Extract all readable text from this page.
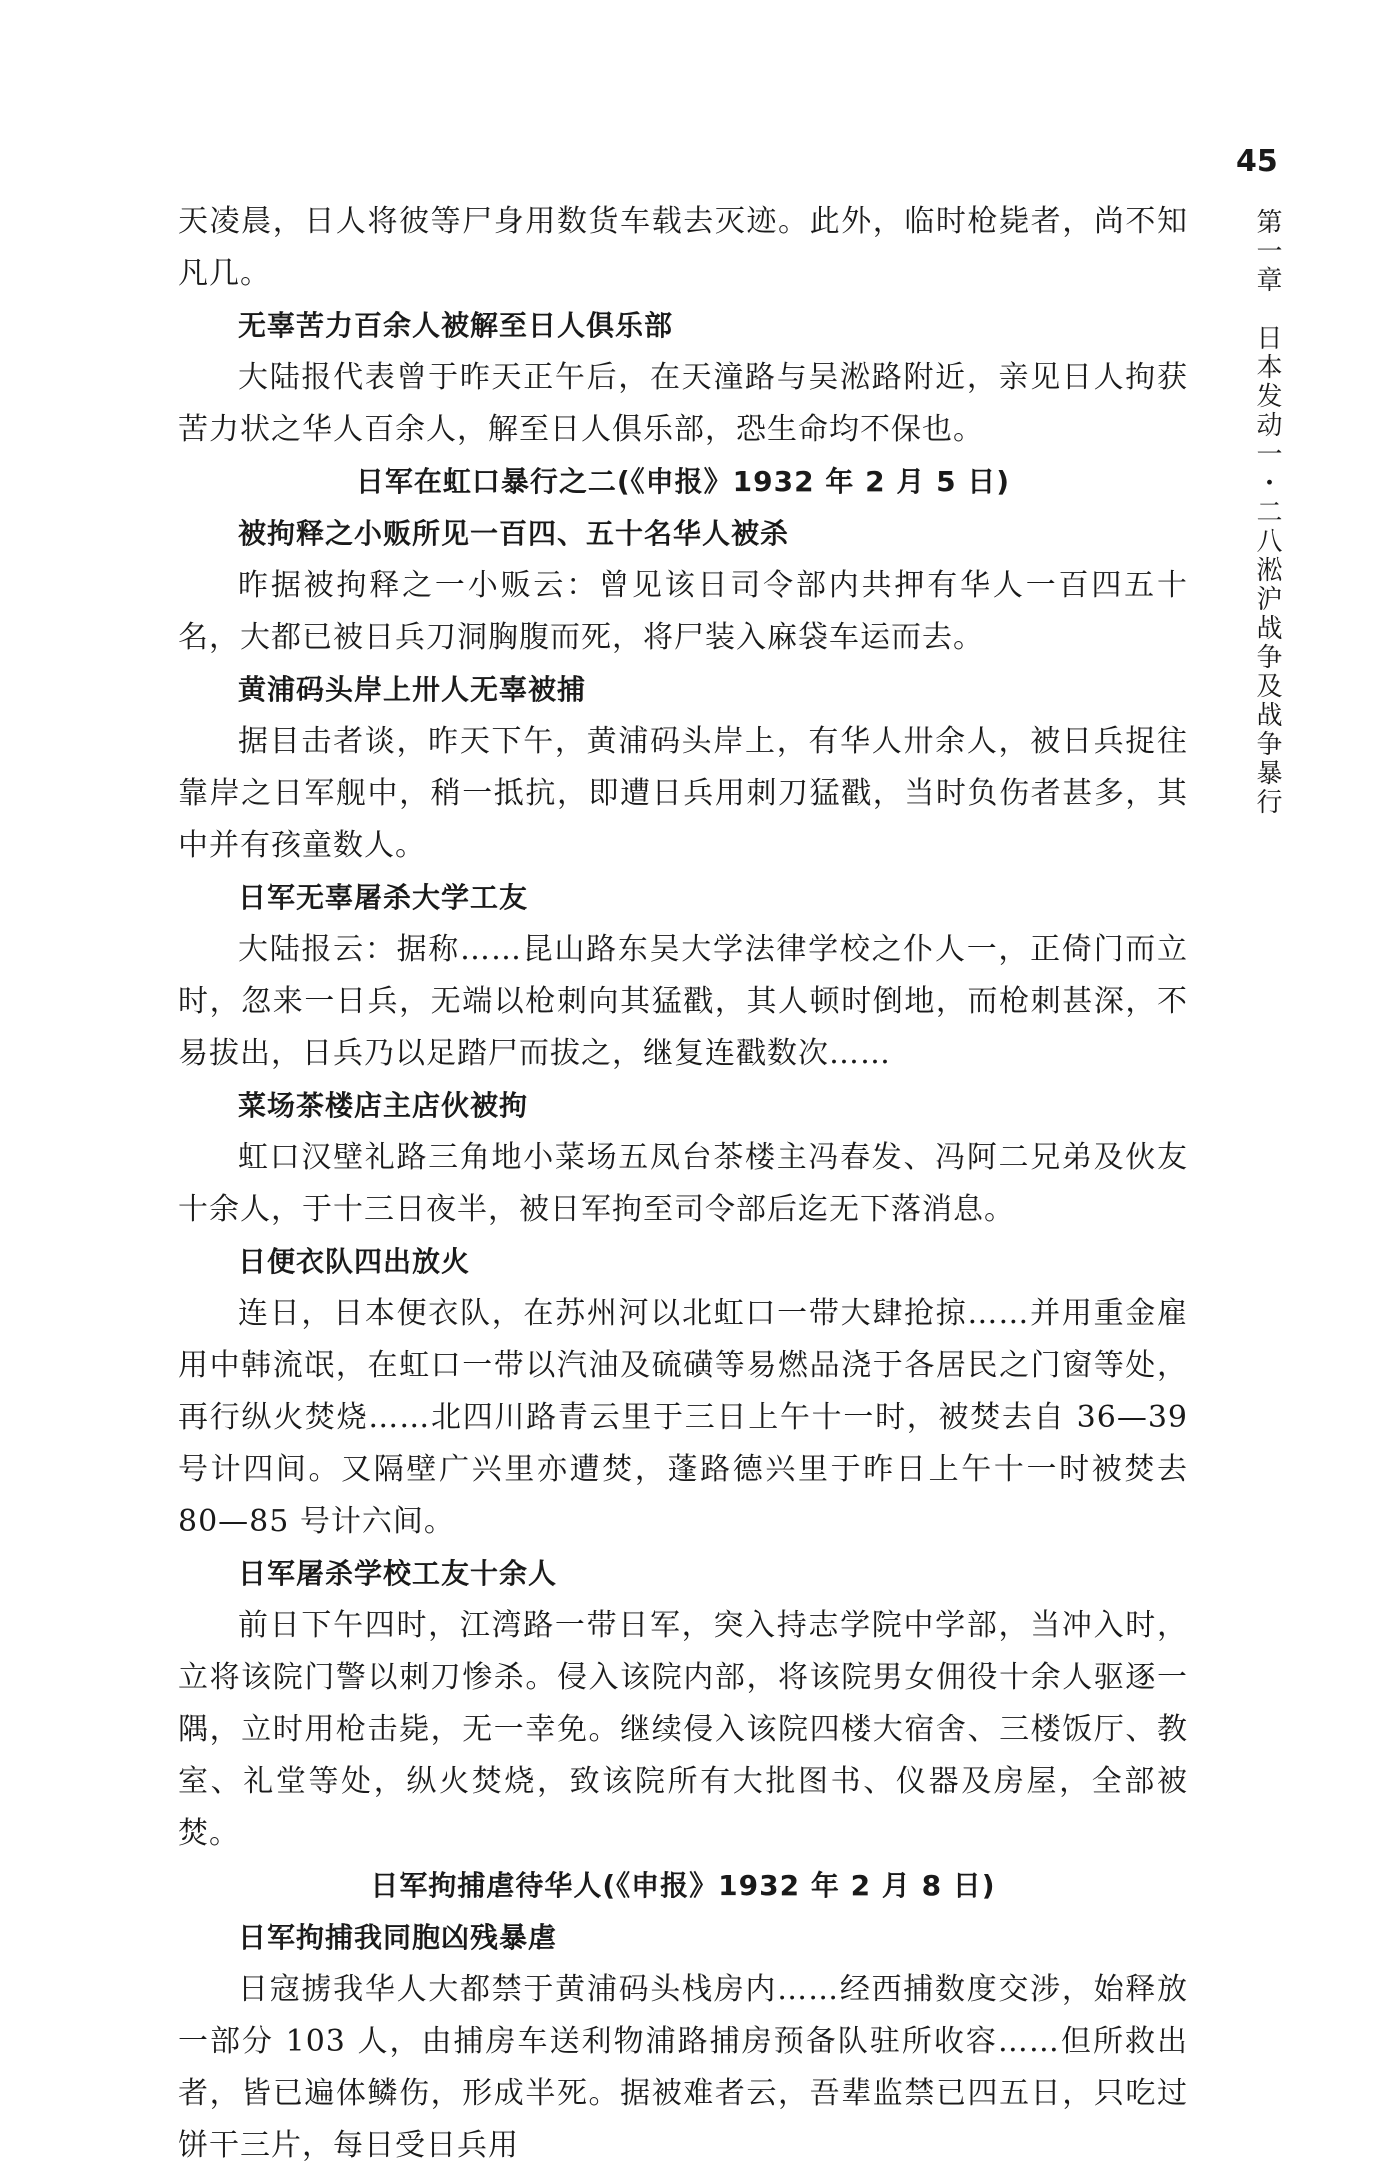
45
第一章　日本发动一・二八淞沪战争及战争暴行

天凌晨，日人将彼等尸身用数货车载去灭迹。此外，临时枪毙者，尚不知凡几。

无辜苦力百余人被解至日人俱乐部

大陆报代表曾于昨天正午后，在天潼路与吴淞路附近，亲见日人拘获苦力状之华人百余人，解至日人俱乐部，恐生命均不保也。

日军在虹口暴行之二(《申报》1932 年 2 月 5 日)

被拘释之小贩所见一百四、五十名华人被杀

昨据被拘释之一小贩云：曾见该日司令部内共押有华人一百四五十名，大都已被日兵刀洞胸腹而死，将尸装入麻袋车运而去。

黄浦码头岸上卅人无辜被捕

据目击者谈，昨天下午，黄浦码头岸上，有华人卅余人，被日兵捉往靠岸之日军舰中，稍一抵抗，即遭日兵用刺刀猛戳，当时负伤者甚多，其中并有孩童数人。

日军无辜屠杀大学工友

大陆报云：据称……昆山路东吴大学法律学校之仆人一，正倚门而立时，忽来一日兵，无端以枪刺向其猛戳，其人顿时倒地，而枪刺甚深，不易拔出，日兵乃以足踏尸而拔之，继复连戳数次……

菜场茶楼店主店伙被拘

虹口汉壁礼路三角地小菜场五凤台茶楼主冯春发、冯阿二兄弟及伙友十余人，于十三日夜半，被日军拘至司令部后迄无下落消息。

日便衣队四出放火

连日，日本便衣队，在苏州河以北虹口一带大肆抢掠……并用重金雇用中韩流氓，在虹口一带以汽油及硫磺等易燃品浇于各居民之门窗等处，再行纵火焚烧……北四川路青云里于三日上午十一时，被焚去自 36—39 号计四间。又隔壁广兴里亦遭焚，蓬路德兴里于昨日上午十一时被焚去 80—85 号计六间。

日军屠杀学校工友十余人

前日下午四时，江湾路一带日军，突入持志学院中学部，当冲入时，立将该院门警以刺刀惨杀。侵入该院内部，将该院男女佣役十余人驱逐一隅，立时用枪击毙，无一幸免。继续侵入该院四楼大宿舍、三楼饭厅、教室、礼堂等处，纵火焚烧，致该院所有大批图书、仪器及房屋，全部被焚。

日军拘捕虐待华人(《申报》1932 年 2 月 8 日)

日军拘捕我同胞凶残暴虐

日寇掳我华人大都禁于黄浦码头栈房内……经西捕数度交涉，始释放一部分 103 人，由捕房车送利物浦路捕房预备队驻所收容……但所救出者，皆已遍体鳞伤，形成半死。据被难者云，吾辈监禁已四五日，只吃过饼干三片，每日受日兵用
